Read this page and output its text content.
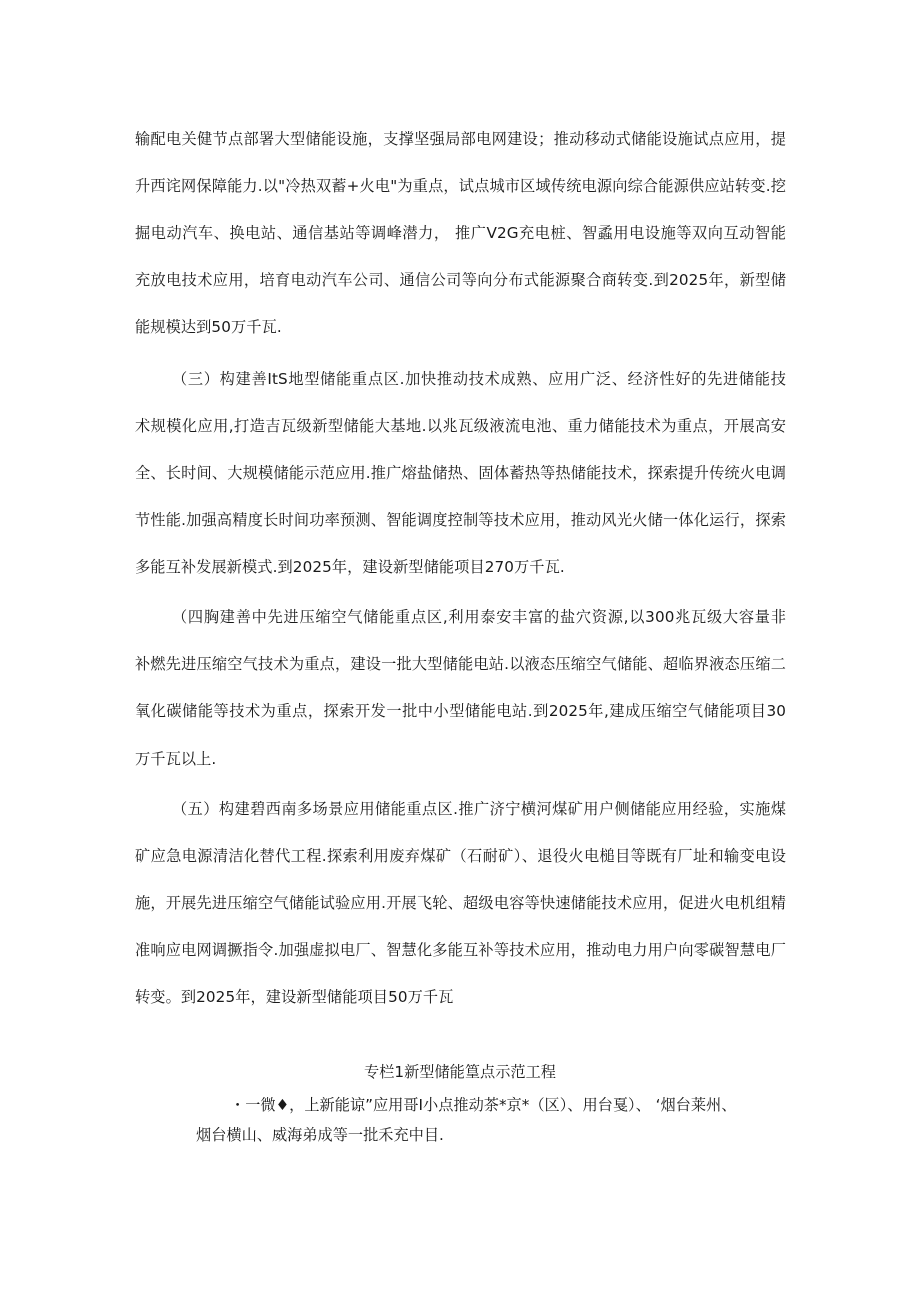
输配电关健节点部署大型储能设施，支撑坚强局部电网建设；推动移动式储能设施试点应用，提
升西诧网保障能力.以"冷热双蓄+火电"为重点，试点城市区域传统电源向综合能源供应站转变.挖
掘电动汽车、换电站、通信基站等调峰潜力， 推广V2G充电桩、智蟊用电设施等双向互动智能
充放电技术应用，培育电动汽车公司、通信公司等向分布式能源聚合商转变.到2025年，新型储
能规模达到50万千瓦.
（三）构建善ItS地型储能重点区.加快推动技术成熟、应用广泛、经济性好的先进储能技
术规模化应用,打造吉瓦级新型储能大基地.以兆瓦级液流电池、重力储能技术为重点，开展高安
全、长时间、大规模储能示范应用.推广熔盐储热、固体蓄热等热储能技术，探索提升传统火电调
节性能.加强高精度长时间功率预测、智能调度控制等技术应用，推动风光火储一体化运行，探索
多能互补发展新模式.到2025年，建设新型储能项目270万千瓦.
（四胸建善中先进压缩空气储能重点区,利用泰安丰富的盐穴资源,以300兆瓦级大容量非
补燃先进压缩空气技术为重点，建设一批大型储能电站.以液态压缩空气储能、超临界液态压缩二
氧化碳储能等技术为重点，探索开发一批中小型储能电站.到2025年,建成压缩空气储能项目30
万千瓦以上.
（五）构建碧西南多场景应用储能重点区.推广济宁横河煤矿用户侧储能应用经验，实施煤
矿应急电源清洁化替代工程.探索利用废弃煤矿（石耐矿）、退役火电槌目等既有厂址和输变电设
施，开展先进压缩空气储能试验应用.开展飞轮、超级电容等快速储能技术应用，促进火电机组精
准响应电网调撅指令.加强虚拟电厂、智慧化多能互补等技术应用，推动电力用户向零碳智慧电厂
转变。到2025年，建设新型储能项目50万千瓦
专栏1新型储能篁点示范工程
・一微♦，上新能谅”应用哥I小点推动茶*京*（区）、用台戛）、 ‘烟台莱州、
烟台横山、威海弟成等一批禾充中目.
